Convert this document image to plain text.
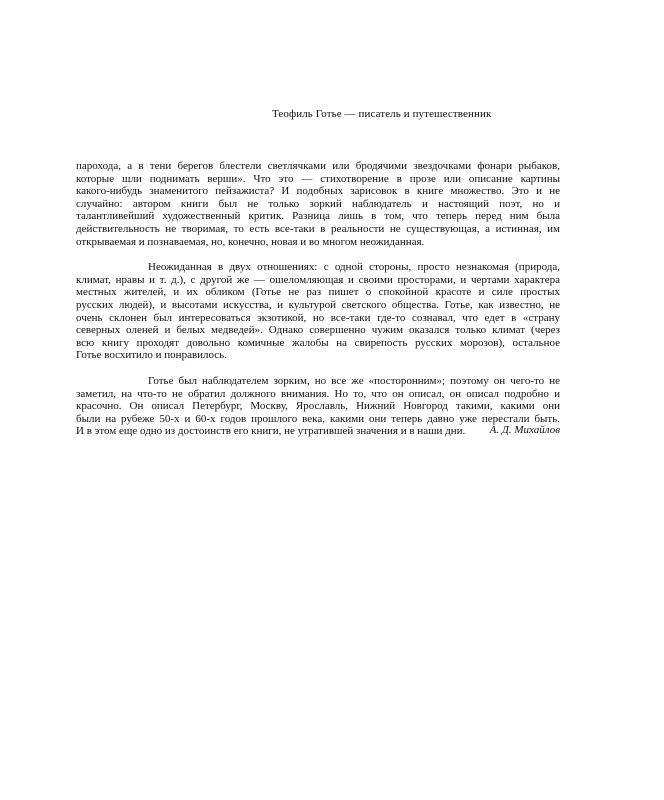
Теофиль Готье — писатель и путешественник

парохода, а в тени берегов блестели светлячками или бродячими звездочками фонари рыбаков,
которые шли поднимать верши». Что это — стихотворение в прозе или описание картины
какого-нибудь знаменитого пейзажиста? И подобных зарисовок в книге множество. Это и не
случайно: автором книги был не только зоркий наблюдатель и настоящий поэт, но и
талантливейший художественный критик. Разница лишь в том, что теперь перед ним была
действительность не творимая, то есть все-таки в реальности не существующая, а истинная, им
открываемая и познаваемая, но, конечно, новая и во многом неожиданная.

Неожиданная в двух отношениях: с одной стороны, просто незнакомая (природа,
климат, нравы и т. д.), с другой же — ошеломляющая и своими просторами, и чертами характера
местных жителей, и их обликом (Готье не раз пишет о спокойной красоте и силе простых
русских людей), и высотами искусства, и культурой светского общества. Готье, как известно, не
очень склонен был интересоваться экзотикой, но все-таки где-то сознавал, что едет в «страну
северных оленей и белых медведей». Однако совершенно чужим оказался только климат (через
всю книгу проходят довольно комичные жалобы на свирепость русских морозов), остальное
Готье восхитило и понравилось.

Готье был наблюдателем зорким, но все же «посторонним»; поэтому он чего-то не
заметил, на что-то не обратил должного внимания. Но то, что он описал, он описал подробно и
красочно. Он описал Петербург, Москву, Ярославль, Нижний Новгород такими, какими они
были на рубеже 50-х и 60-х годов прошлого века, какими они теперь давно уже перестали быть.
И в этом еще одно из достоинств его книги, не утратившей значения и в наши дни.	А. Д. Михайлов
